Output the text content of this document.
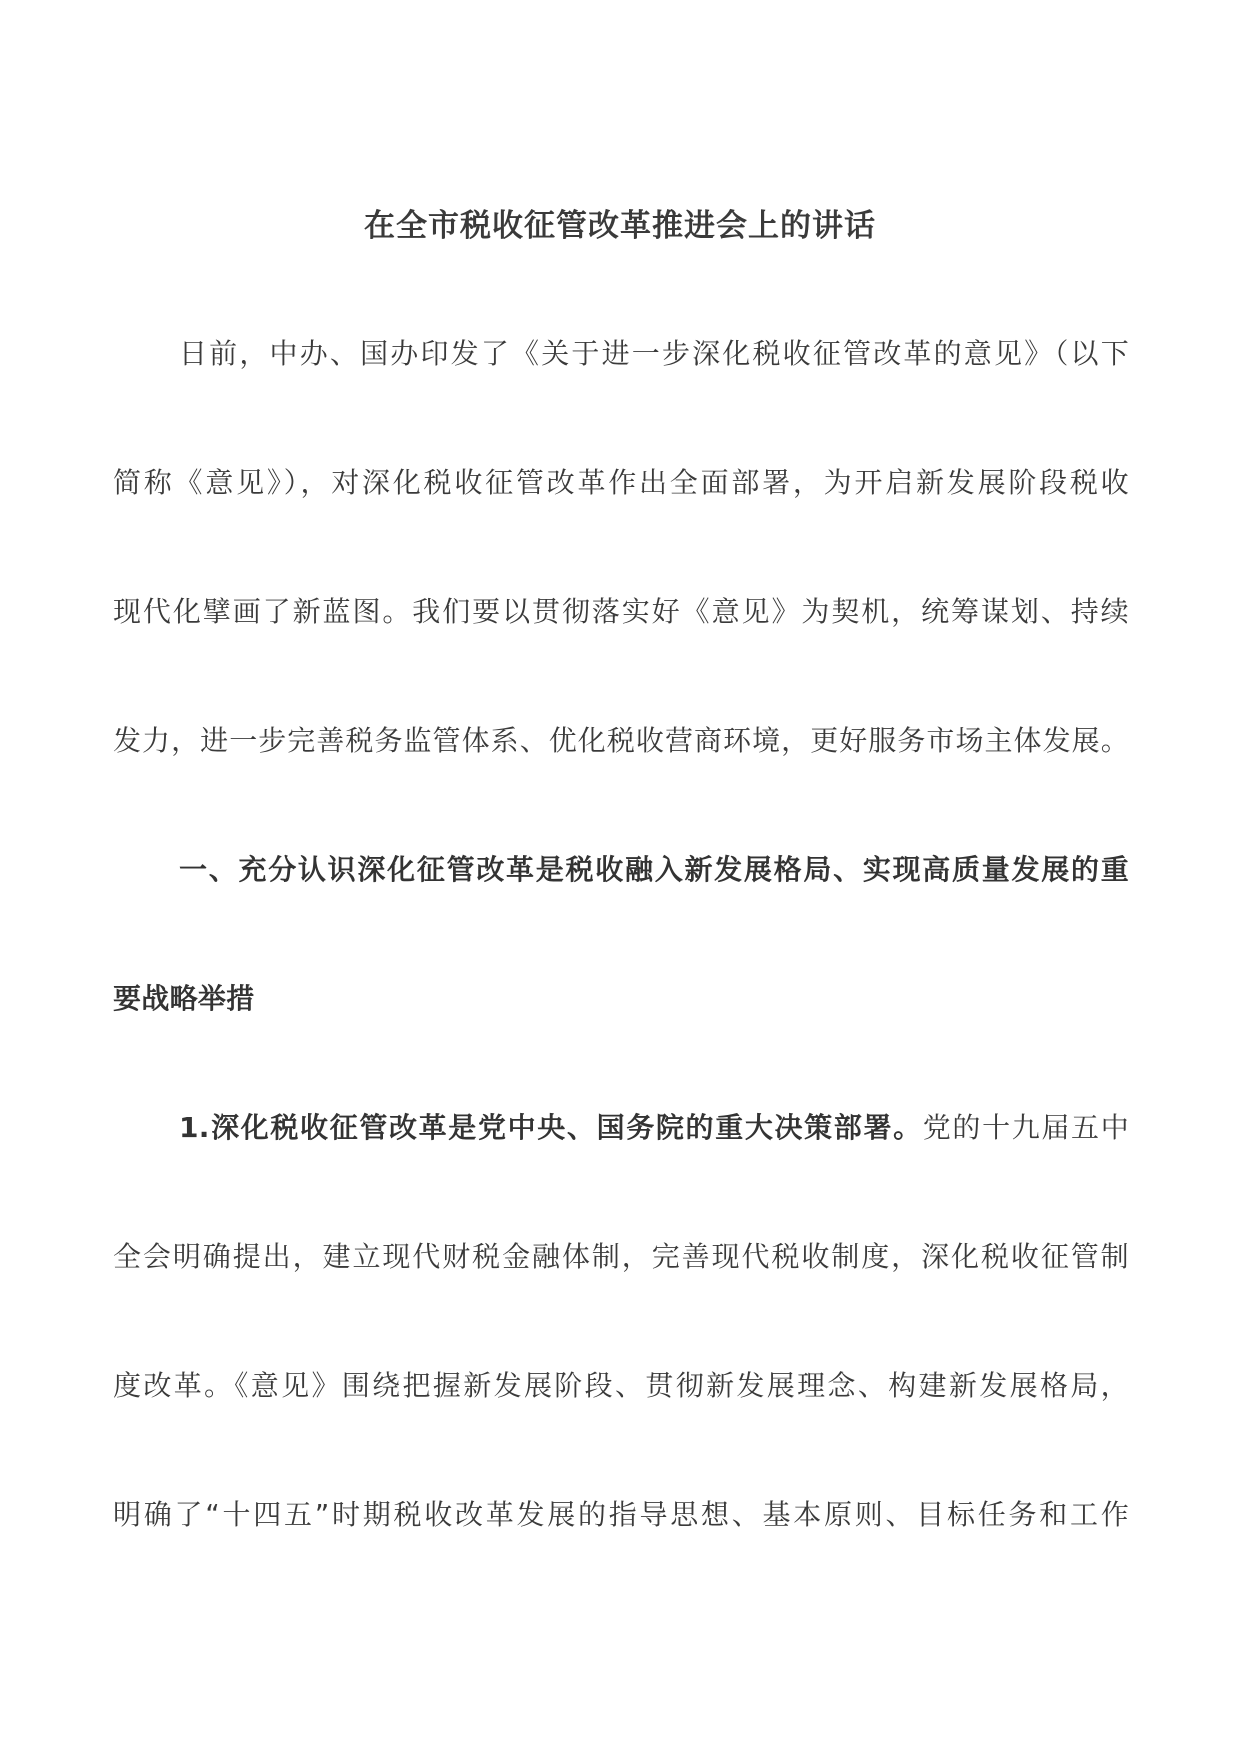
在全市税收征管改革推进会上的讲话

日前，中办、国办印发了《关于进一步深化税收征管改革的意见》（以下

简称《意见》），对深化税收征管改革作出全面部署，为开启新发展阶段税收

现代化擘画了新蓝图。我们要以贯彻落实好《意见》为契机，统筹谋划、持续

发力，进一步完善税务监管体系、优化税收营商环境，更好服务市场主体发展。

一、充分认识深化征管改革是税收融入新发展格局、实现高质量发展的重

要战略举措

1.深化税收征管改革是党中央、国务院的重大决策部署。党的十九届五中

全会明确提出，建立现代财税金融体制，完善现代税收制度，深化税收征管制

度改革。《意见》围绕把握新发展阶段、贯彻新发展理念、构建新发展格局，

明确了“十四五”时期税收改革发展的指导思想、基本原则、目标任务和工作
